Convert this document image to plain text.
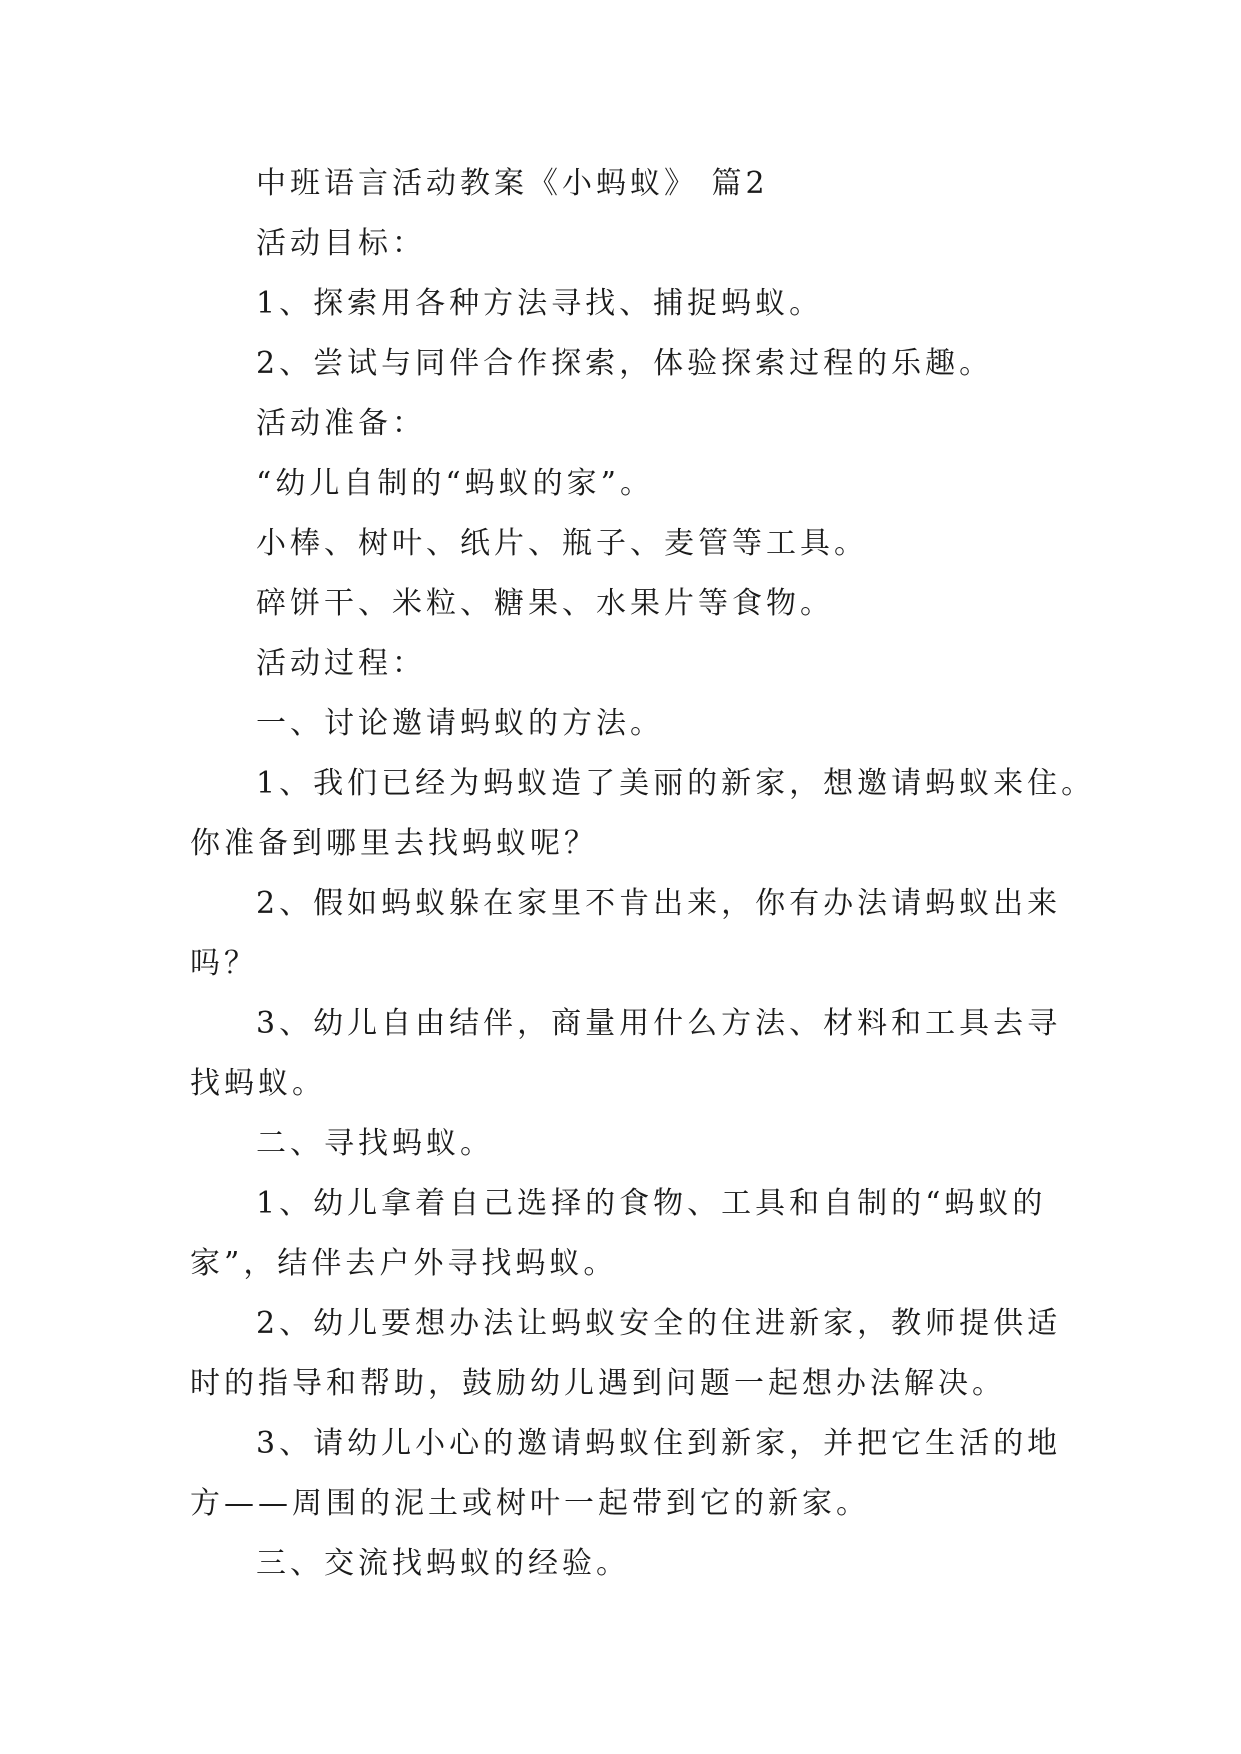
中班语言活动教案《小蚂蚁》 篇2
活动目标：
1、探索用各种方法寻找、捕捉蚂蚁。
2、尝试与同伴合作探索，体验探索过程的乐趣。
活动准备：
“幼儿自制的“蚂蚁的家”。
小棒、树叶、纸片、瓶子、麦管等工具。
碎饼干、米粒、糖果、水果片等食物。
活动过程：
一、讨论邀请蚂蚁的方法。
1、我们已经为蚂蚁造了美丽的新家，想邀请蚂蚁来住。
你准备到哪里去找蚂蚁呢？
2、假如蚂蚁躲在家里不肯出来，你有办法请蚂蚁出来
吗？
3、幼儿自由结伴，商量用什么方法、材料和工具去寻
找蚂蚁。
二、寻找蚂蚁。
1、幼儿拿着自己选择的食物、工具和自制的“蚂蚁的
家”，结伴去户外寻找蚂蚁。
2、幼儿要想办法让蚂蚁安全的住进新家，教师提供适
时的指导和帮助，鼓励幼儿遇到问题一起想办法解决。
3、请幼儿小心的邀请蚂蚁住到新家，并把它生活的地
方——周围的泥土或树叶一起带到它的新家。
三、交流找蚂蚁的经验。
